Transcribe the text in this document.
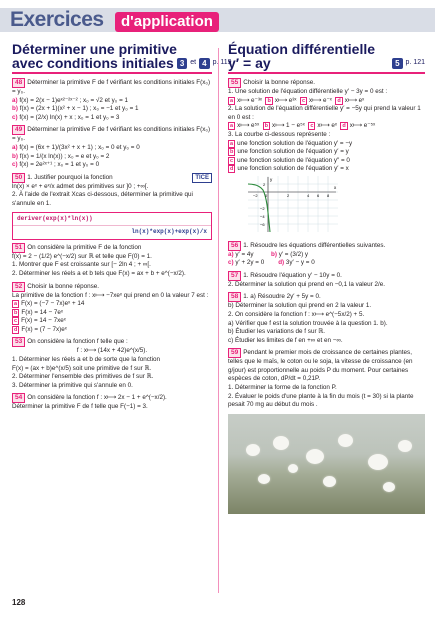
Exercices	d'application
Déterminer une primitive
avec conditions initiales 3 et 4 p. 119
48 Déterminer la primitive F de f vérifiant les conditions initiales F(x₀) = y₀.
a) f(x) = 2(x − 1)eˣ²⁻²ˣ⁻² ; x₀ = √2 et y₀ = 1
b) f(x) = (2x + 1)(x² + x − 1) ; x₀ = −1 et y₀ = 1
c) f(x) = (2/x) ln(x) + x ; x₀ = 1 et y₀ = 3
49 Déterminer la primitive F de f vérifiant les conditions initiales F(x₀) = y₀.
a) f(x) = (6x + 1)/(3x² + x + 1) ; x₀ = 0 et y₀ = 0
b) f(x) = 1/(x ln(x)) ; x₀ = e et y₀ = 2
c) f(x) = 2e²ˣ⁺¹ ; x₀ = 1 et y₀ = 0
50 1. Justifier pourquoi la fonction	TICE
ln(x) × eˣ + eˣ/x admet des primitives sur ]0 ; +∞[.
2. À l'aide de l'extrait Xcas ci-dessous, déterminer la primitive qui s'annule en 1.
deriver(exp(x)*ln(x))
ln(x)*exp(x)+exp(x)/x
51 On considère la primitive F de la fonction
f(x) = 2 − (1/2) e^(−x/2) sur ℝ et telle que F(0) = 1.
1. Montrer que F est croissante sur [− 2ln 4 ; + ∞[.
2. Déterminer les réels a et b tels que F(x) = ax + b + e^(−x/2).
52 Choisir la bonne réponse.
La primitive de la fonction f : x⟼ −7xeˣ qui prend en 0 la valeur 7 est :
a F(x) = (−7 − 7x)eˣ + 14
b F(x) = 14 − 7eˣ
c F(x) = 14 − 7xeˣ
d F(x) = (7 − 7x)eˣ
53 On considère la fonction f telle que :
f : x⟼ (14x + 42)e^(x/5).
1. Déterminer les réels a et b de sorte que la fonction
F(x) = (ax + b)e^(x/5) soit une primitive de f sur ℝ.
2. Déterminer l'ensemble des primitives de f sur ℝ.
3. Déterminer la primitive qui s'annule en 0.
54 On considère la fonction f : x⟼ 2x − 1 + e^(−x/2).
Déterminer la primitive F de f telle que F(−1) = 3.
Équation différentielle
y′ = ay	5 p. 121
55 Choisir la bonne réponse.
1. Une solution de l'équation différentielle y′ − 3y = 0 est :
a x⟼ e⁻³ˣ b x⟼ e³ˣ c x⟼ e⁻ˣ d x⟼ eˣ
2. La solution de l'équation différentielle y′ = −5y qui prend la valeur 1 en 0 est :
a x⟼ e⁵ˣ b x⟼ 1 − e⁵ˣ c x⟼ eˣ d x⟼ e⁻⁵ˣ
3. La courbe ci-dessous représente :
a une fonction solution de l'équation y′ = −y
b une fonction solution de l'équation y′ = y
c une fonction solution de l'équation y″ = 0
d une fonction solution de l'équation y′ = x
y
x
2
−2 0	2	4 6 8
−2
−4
−6
56 1. Résoudre les équations différentielles suivantes.
a) y′ = 4y	b) y′ = (3/2) y
c) y′ + 2y = 0 d) 3y′ − y = 0
57 1. Résoudre l'équation y′ − 10y = 0.
2. Déterminer la solution qui prend en −0,1 la valeur 2/e.
58 1. a) Résoudre 2y′ + 5y = 0.
b) Déterminer la solution qui prend en 2 la valeur 1.
2. On considère la fonction f : x⟼ e^(−5x/2) + 5.
a) Vérifier que f est la solution trouvée à la question 1. b).
b) Étudier les variations de f sur ℝ.
c) Étudier les limites de f en +∞ et en −∞.
59 Pendant le premier mois de croissance de certaines plantes, telles que le maïs, le coton ou le soja, la vitesse de croissance (en g/jour) est proportionnelle au poids P du moment. Pour certaines espèces de coton, dP/dt = 0,21P.
1. Déterminer la forme de la fonction P.
2. Évaluer le poids d'une plante à la fin du mois (t = 30) si la plante pesait 70 mg au début du mois .
128
